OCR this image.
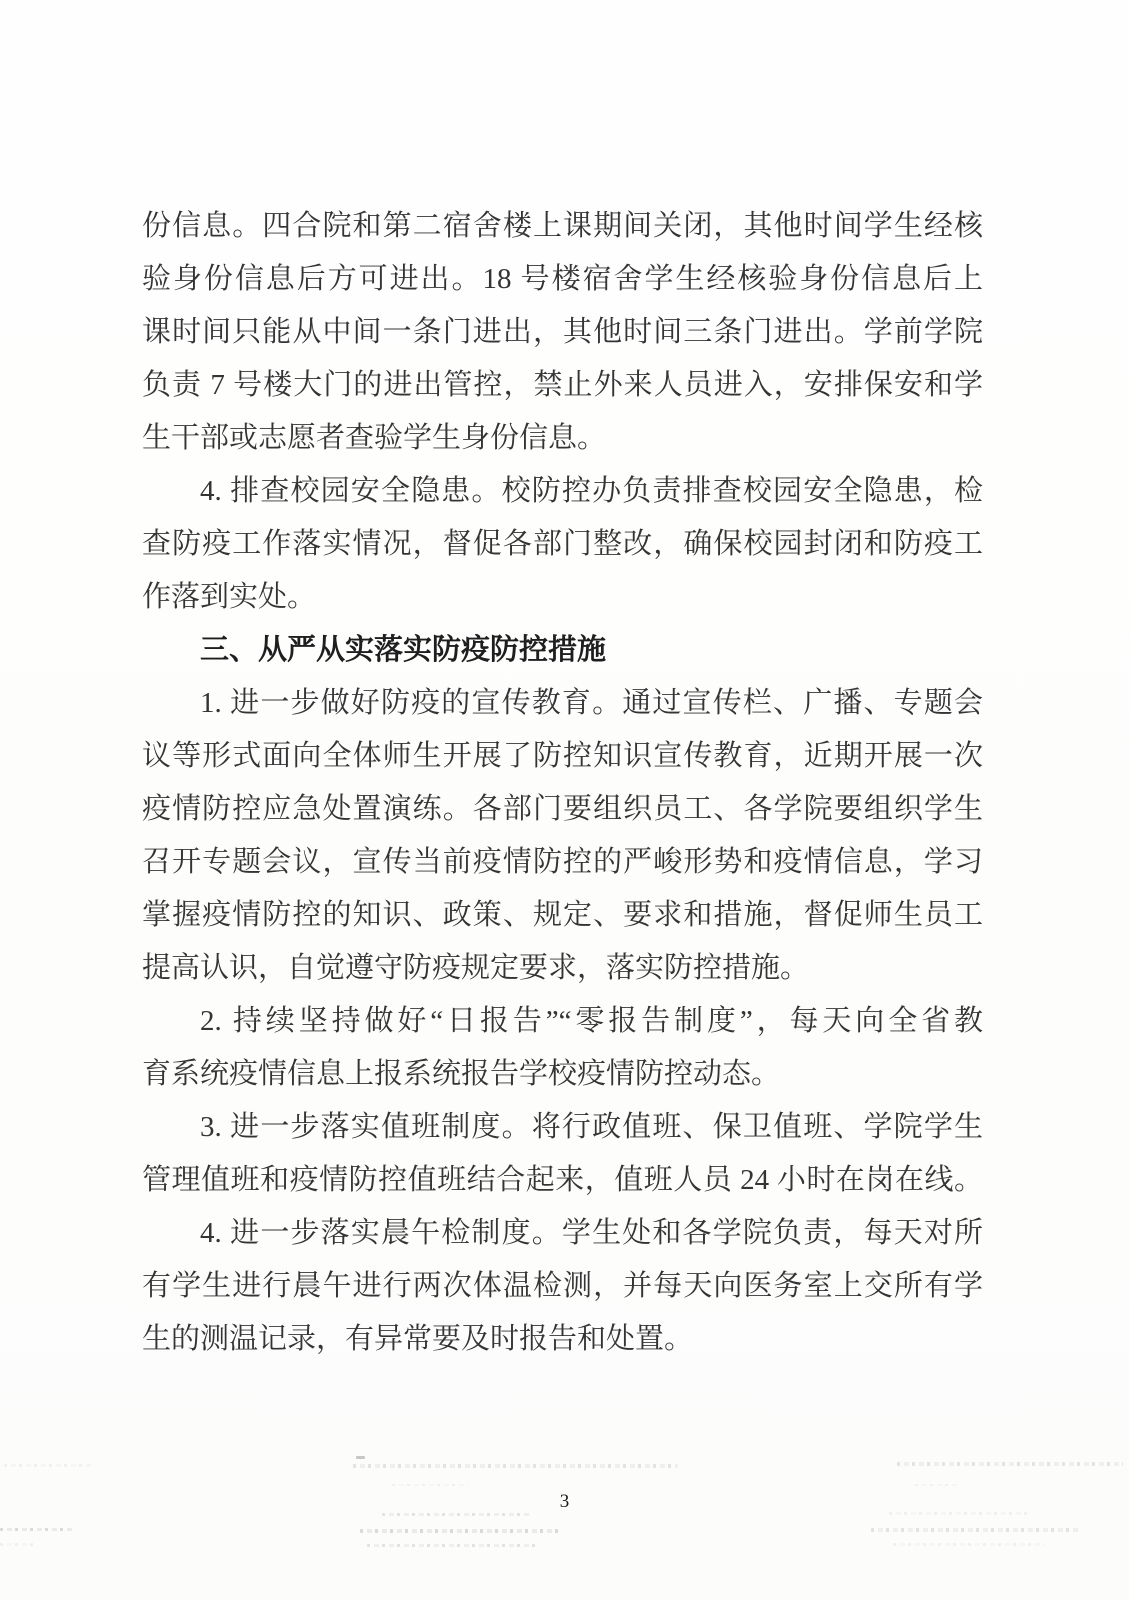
份信息。四合院和第二宿舍楼上课期间关闭，其他时间学生经核
验身份信息后方可进出。18 号楼宿舍学生经核验身份信息后上
课时间只能从中间一条门进出，其他时间三条门进出。学前学院
负责 7 号楼大门的进出管控，禁止外来人员进入，安排保安和学
生干部或志愿者查验学生身份信息。
4. 排查校园安全隐患。校防控办负责排查校园安全隐患，检
查防疫工作落实情况，督促各部门整改，确保校园封闭和防疫工
作落到实处。
三、从严从实落实防疫防控措施
1. 进一步做好防疫的宣传教育。通过宣传栏、广播、专题会
议等形式面向全体师生开展了防控知识宣传教育，近期开展一次
疫情防控应急处置演练。各部门要组织员工、各学院要组织学生
召开专题会议，宣传当前疫情防控的严峻形势和疫情信息，学习
掌握疫情防控的知识、政策、规定、要求和措施，督促师生员工
提高认识，自觉遵守防疫规定要求，落实防控措施。
2. 持续坚持做好“日报告”“零报告制度”，每天向全省教
育系统疫情信息上报系统报告学校疫情防控动态。
3. 进一步落实值班制度。将行政值班、保卫值班、学院学生
管理值班和疫情防控值班结合起来，值班人员 24 小时在岗在线。
4. 进一步落实晨午检制度。学生处和各学院负责，每天对所
有学生进行晨午进行两次体温检测，并每天向医务室上交所有学
生的测温记录，有异常要及时报告和处置。
3
